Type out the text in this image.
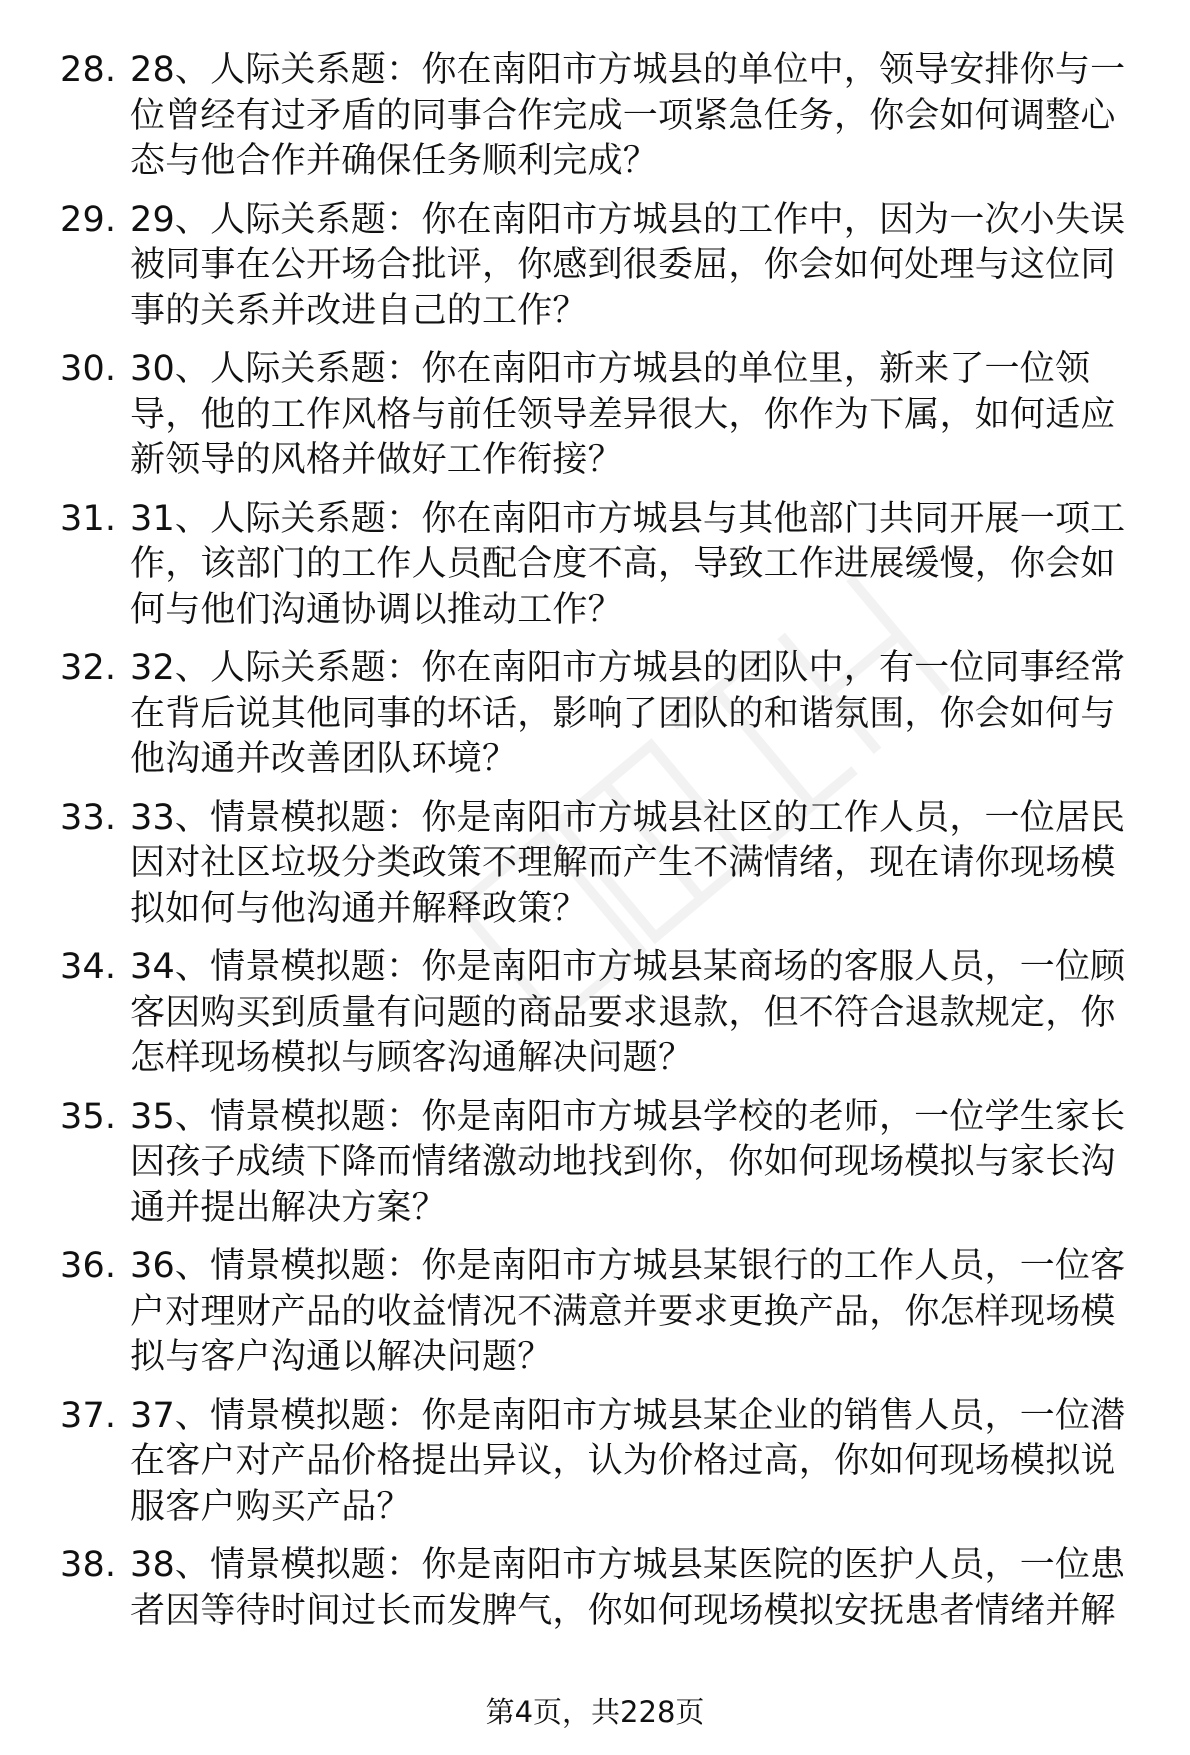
28. 28、人际关系题：你在南阳市方城县的单位中，领导安排你与一位曾经有过矛盾的同事合作完成一项紧急任务，你会如何调整心态与他合作并确保任务顺利完成？
29. 29、人际关系题：你在南阳市方城县的工作中，因为一次小失误被同事在公开场合批评，你感到很委屈，你会如何处理与这位同事的关系并改进自己的工作？
30. 30、人际关系题：你在南阳市方城县的单位里，新来了一位领导，他的工作风格与前任领导差异很大，你作为下属，如何适应新领导的风格并做好工作衔接？
31. 31、人际关系题：你在南阳市方城县与其他部门共同开展一项工作，该部门的工作人员配合度不高，导致工作进展缓慢，你会如何与他们沟通协调以推动工作？
32. 32、人际关系题：你在南阳市方城县的团队中，有一位同事经常在背后说其他同事的坏话，影响了团队的和谐氛围，你会如何与他沟通并改善团队环境？
33. 33、情景模拟题：你是南阳市方城县社区的工作人员，一位居民因对社区垃圾分类政策不理解而产生不满情绪，现在请你现场模拟如何与他沟通并解释政策？
34. 34、情景模拟题：你是南阳市方城县某商场的客服人员，一位顾客因购买到质量有问题的商品要求退款，但不符合退款规定，你怎样现场模拟与顾客沟通解决问题？
35. 35、情景模拟题：你是南阳市方城县学校的老师，一位学生家长因孩子成绩下降而情绪激动地找到你，你如何现场模拟与家长沟通并提出解决方案？
36. 36、情景模拟题：你是南阳市方城县某银行的工作人员，一位客户对理财产品的收益情况不满意并要求更换产品，你怎样现场模拟与客户沟通以解决问题？
37. 37、情景模拟题：你是南阳市方城县某企业的销售人员，一位潜在客户对产品价格提出异议，认为价格过高，你如何现场模拟说服客户购买产品？
38. 38、情景模拟题：你是南阳市方城县某医院的医护人员，一位患者因等待时间过长而发脾气，你如何现场模拟安抚患者情绪并解
第4页，共228页
